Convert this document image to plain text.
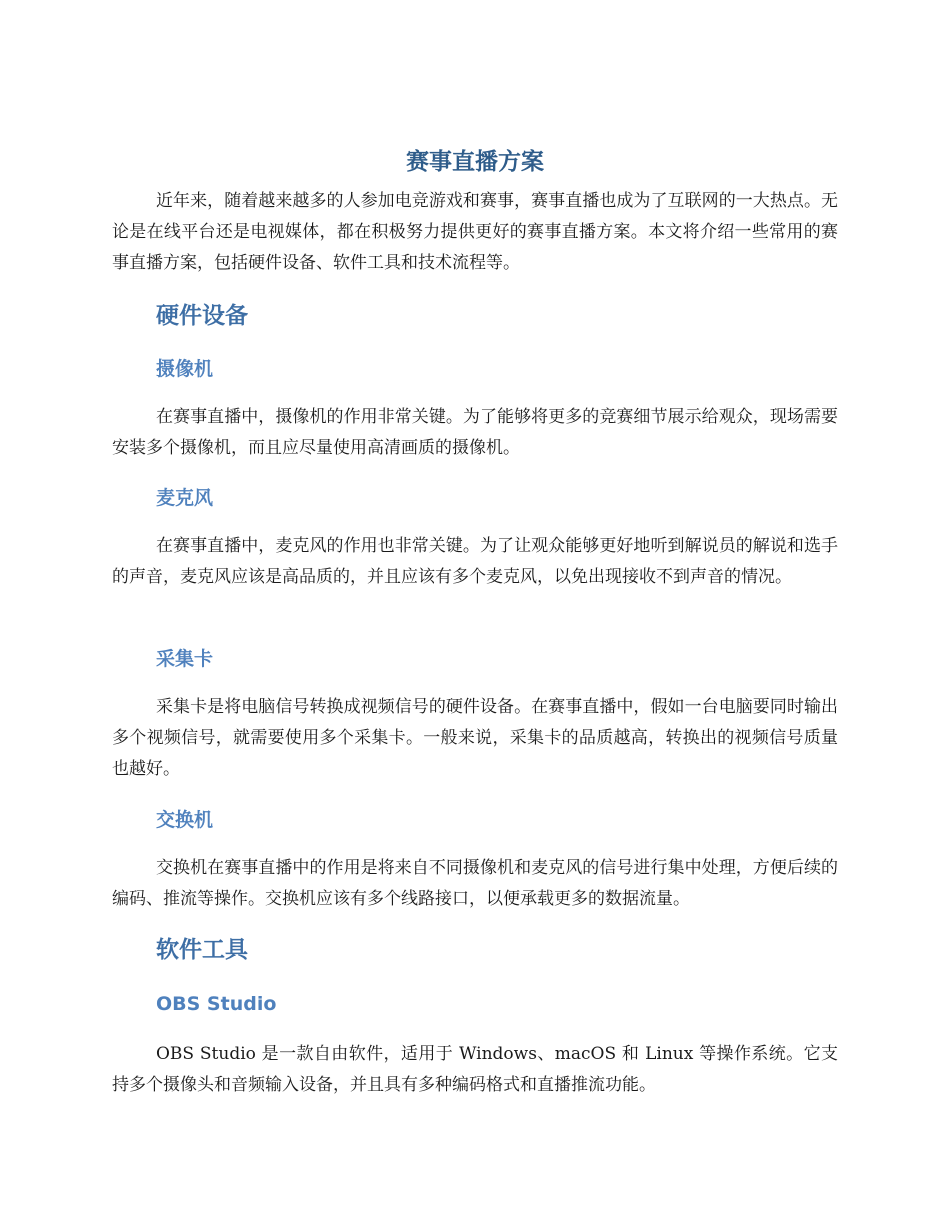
赛事直播方案

近年来，随着越来越多的人参加电竞游戏和赛事，赛事直播也成为了互联网的一大热点。无论是在线平台还是电视媒体，都在积极努力提供更好的赛事直播方案。本文将介绍一些常用的赛事直播方案，包括硬件设备、软件工具和技术流程等。

硬件设备
摄像机

在赛事直播中，摄像机的作用非常关键。为了能够将更多的竞赛细节展示给观众，现场需要安装多个摄像机，而且应尽量使用高清画质的摄像机。

麦克风

在赛事直播中，麦克风的作用也非常关键。为了让观众能够更好地听到解说员的解说和选手的声音，麦克风应该是高品质的，并且应该有多个麦克风，以免出现接收不到声音的情况。

采集卡

采集卡是将电脑信号转换成视频信号的硬件设备。在赛事直播中，假如一台电脑要同时输出多个视频信号，就需要使用多个采集卡。一般来说，采集卡的品质越高，转换出的视频信号质量也越好。

交换机

交换机在赛事直播中的作用是将来自不同摄像机和麦克风的信号进行集中处理，方便后续的编码、推流等操作。交换机应该有多个线路接口，以便承载更多的数据流量。

软件工具
OBS Studio

OBS Studio 是一款自由软件，适用于 Windows、macOS 和 Linux 等操作系统。它支持多个摄像头和音频输入设备，并且具有多种编码格式和直播推流功能。
